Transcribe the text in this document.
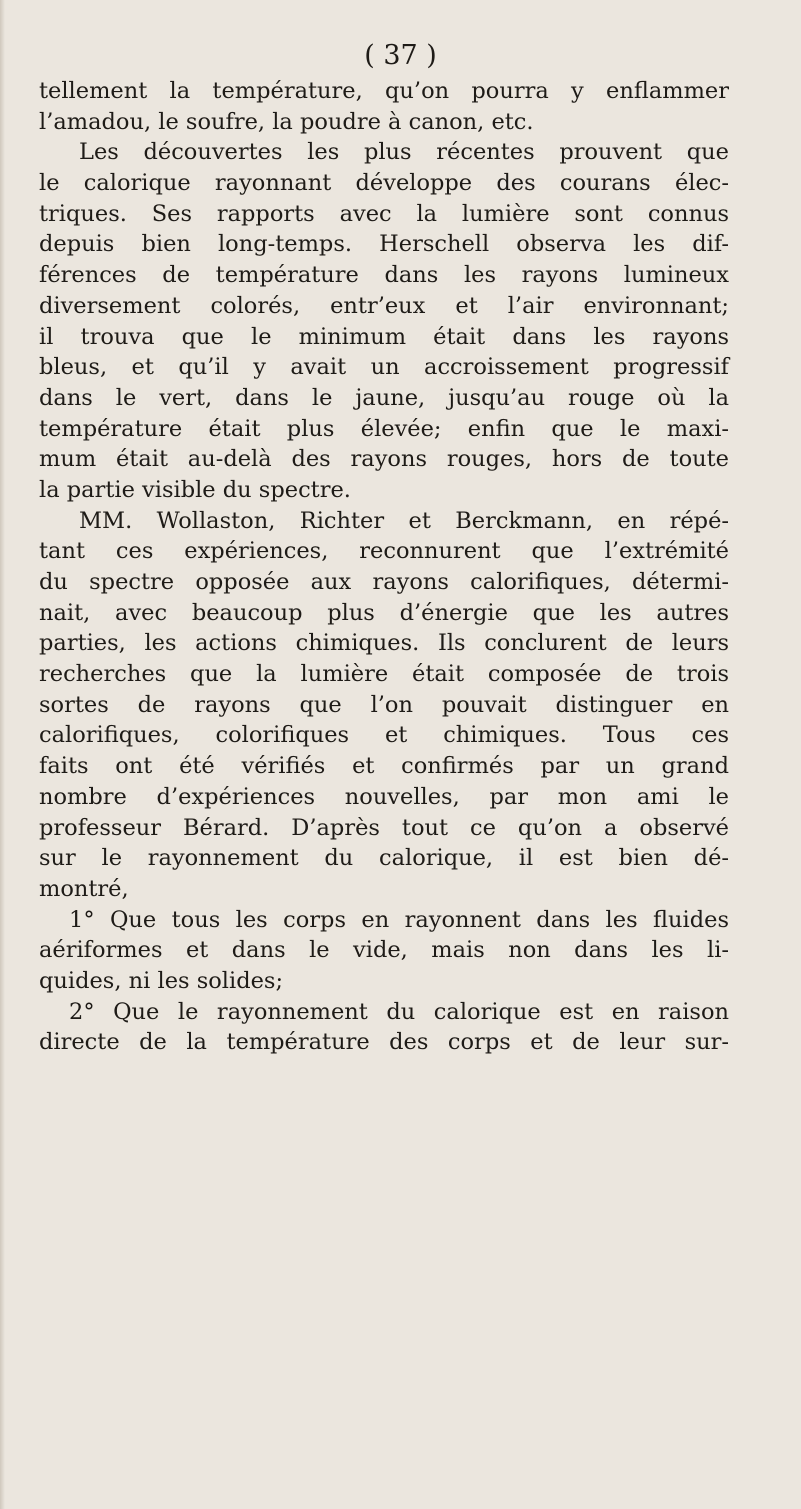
( 37 )
tellement la température, qu’on pourra y enflammer
l’amadou, le soufre, la poudre à canon, etc.
Les découvertes les plus récentes prouvent que
le calorique rayonnant développe des courans élec-
triques. Ses rapports avec la lumière sont connus
depuis bien long-temps. Herschell observa les dif-
férences de température dans les rayons lumineux
diversement colorés, entr’eux et l’air environnant;
il trouva que le minimum était dans les rayons
bleus, et qu’il y avait un accroissement progressif
dans le vert, dans le jaune, jusqu’au rouge où la
température était plus élevée; enfin que le maxi-
mum était au-delà des rayons rouges, hors de toute
la partie visible du spectre.
MM. Wollaston, Richter et Berckmann, en répé-
tant ces expériences, reconnurent que l’extrémité
du spectre opposée aux rayons calorifiques, détermi-
nait, avec beaucoup plus d’énergie que les autres
parties, les actions chimiques. Ils conclurent de leurs
recherches que la lumière était composée de trois
sortes de rayons que l’on pouvait distinguer en
calorifiques, colorifiques et chimiques. Tous ces
faits ont été vérifiés et confirmés par un grand
nombre d’expériences nouvelles, par mon ami le
professeur Bérard. D’après tout ce qu’on a observé
sur le rayonnement du calorique, il est bien dé-
montré,
1° Que tous les corps en rayonnent dans les fluides
aériformes et dans le vide, mais non dans les li-
quides, ni les solides;
2° Que le rayonnement du calorique est en raison
directe de la température des corps et de leur sur-
